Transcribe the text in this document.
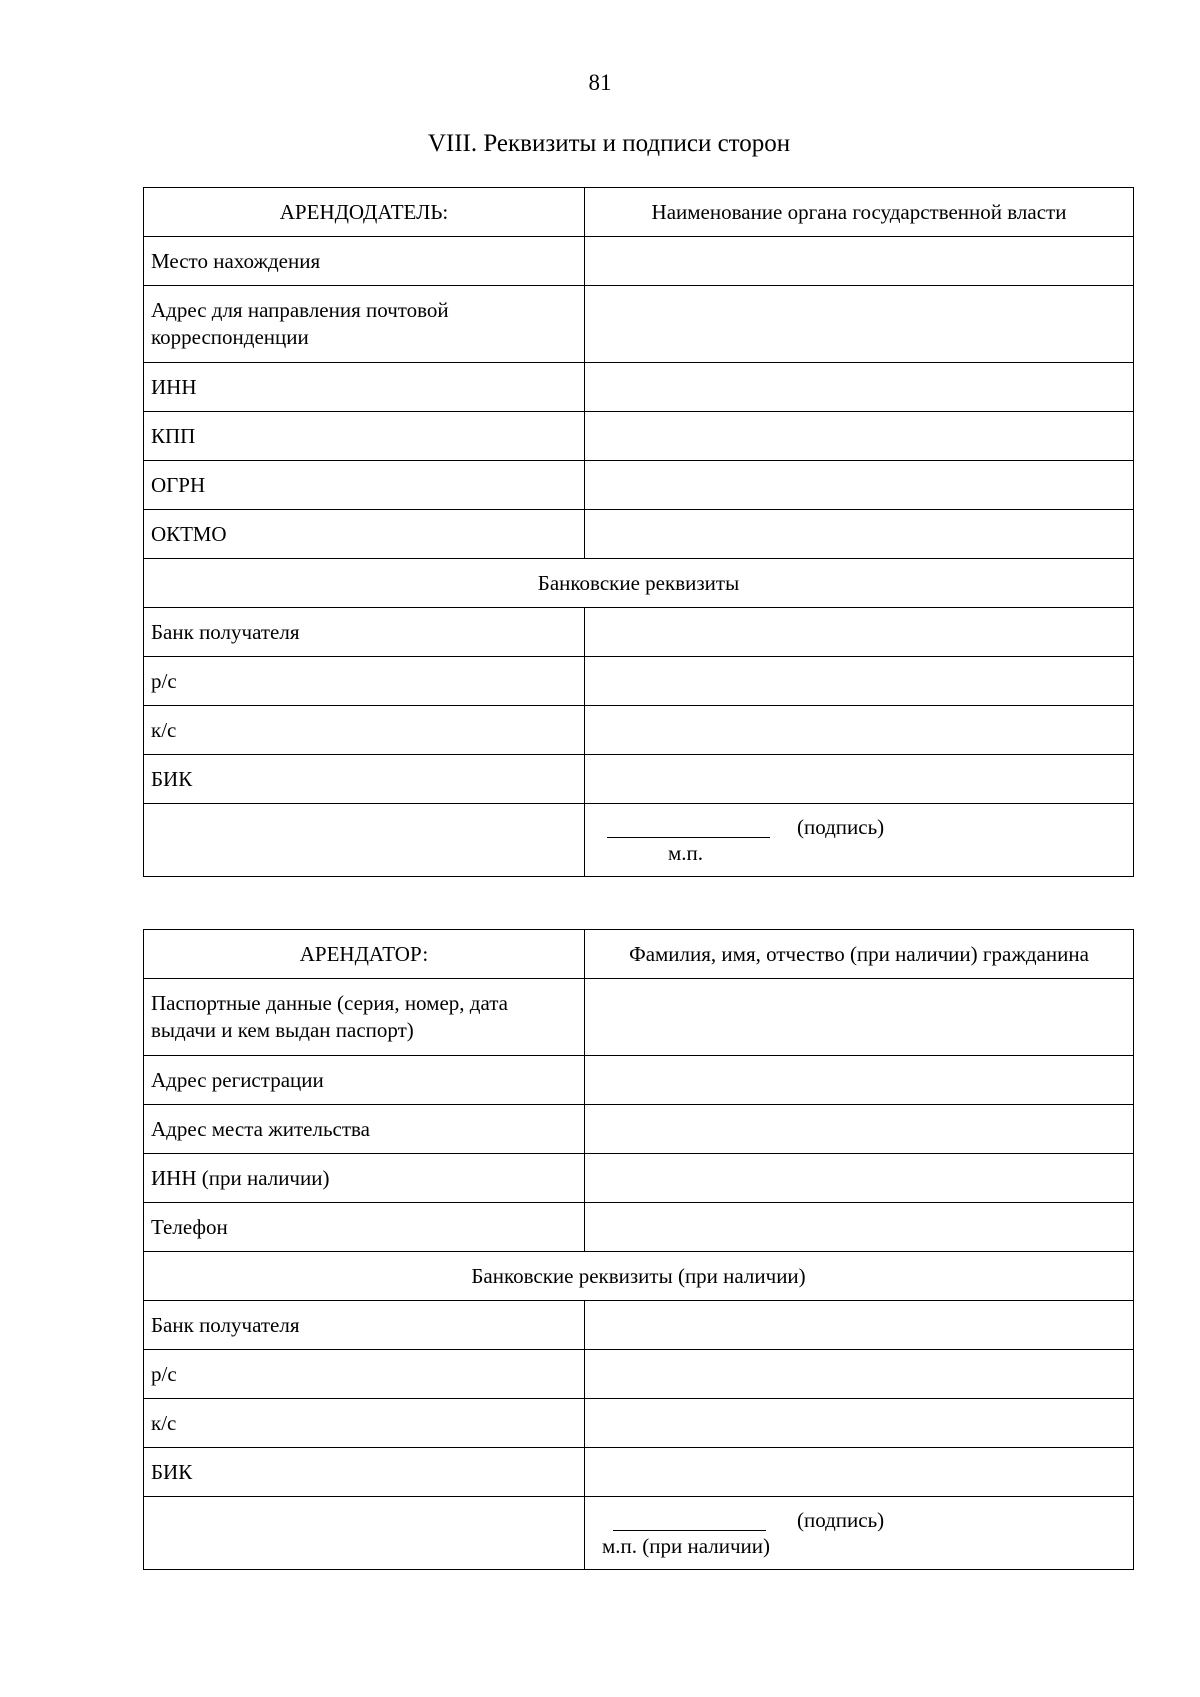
81
VIII. Реквизиты и подписи сторон
АРЕНДОДАТЕЛЬ:	Наименование органа государственной власти
Место нахождения	
Адрес для направления почтовой корреспонденции	
ИНН	
КПП	
ОГРН	
ОКТМО	
Банковские реквизиты	
Банк получателя	
р/с	
к/с	
БИК	

	(подпись)
м.п.
АРЕНДАТОР:	Фамилия, имя, отчество (при наличии) гражданина
Паспортные данные (серия, номер, дата выдачи и кем выдан паспорт)	
Адрес регистрации	
Адрес места жительства	
ИНН (при наличии)	
Телефон	
Банковские реквизиты (при наличии)	
Банк получателя	
р/с	
к/с	
БИК	

	(подпись)
м.п. (при наличии)
